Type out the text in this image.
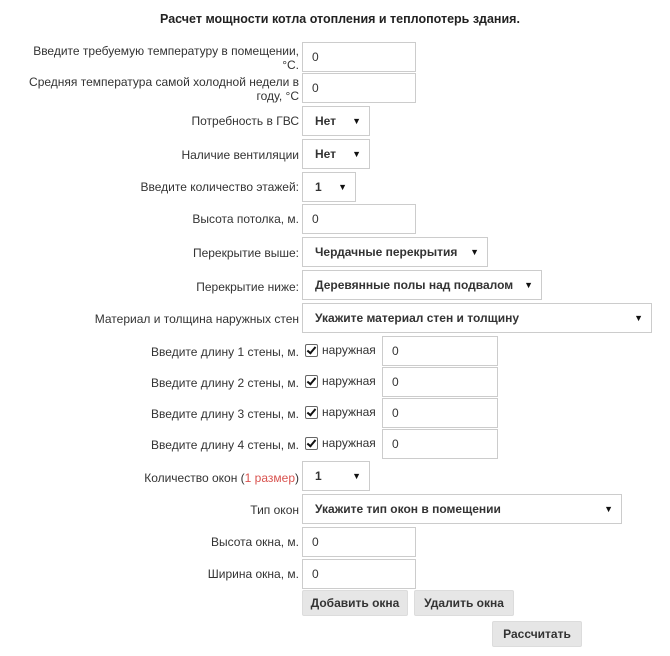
Расчет мощности котла отопления и теплопотерь здания.
Введите требуемую температуру в помещении,
°С.
0
Средняя температура самой холодной недели в
году, °С
0
Потребность в ГВС	Нет ▼
Наличие вентиляции	Нет ▼
Введите количество этажей:	1 ▼
Высота потолка, м.	0
Перекрытие выше:	Чердачные перекрытия ▼
Перекрытие ниже:	Деревянные полы над подвалом ▼
Материал и толщина наружных стен	Укажите материал стен и толщину	▼
Введите длину 1 стены, м. наружная	0
Введите длину 2 стены, м. наружная	0
Введите длину 3 стены, м. наружная	0
Введите длину 4 стены, м. наружная	0
Количество окон (1 размер)	1	▼
Тип окон	Укажите тип окон в помещении	▼
Высота окна, м.	0
Ширина окна, м.	0
Добавить окна	Удалить окна
Рассчитать
